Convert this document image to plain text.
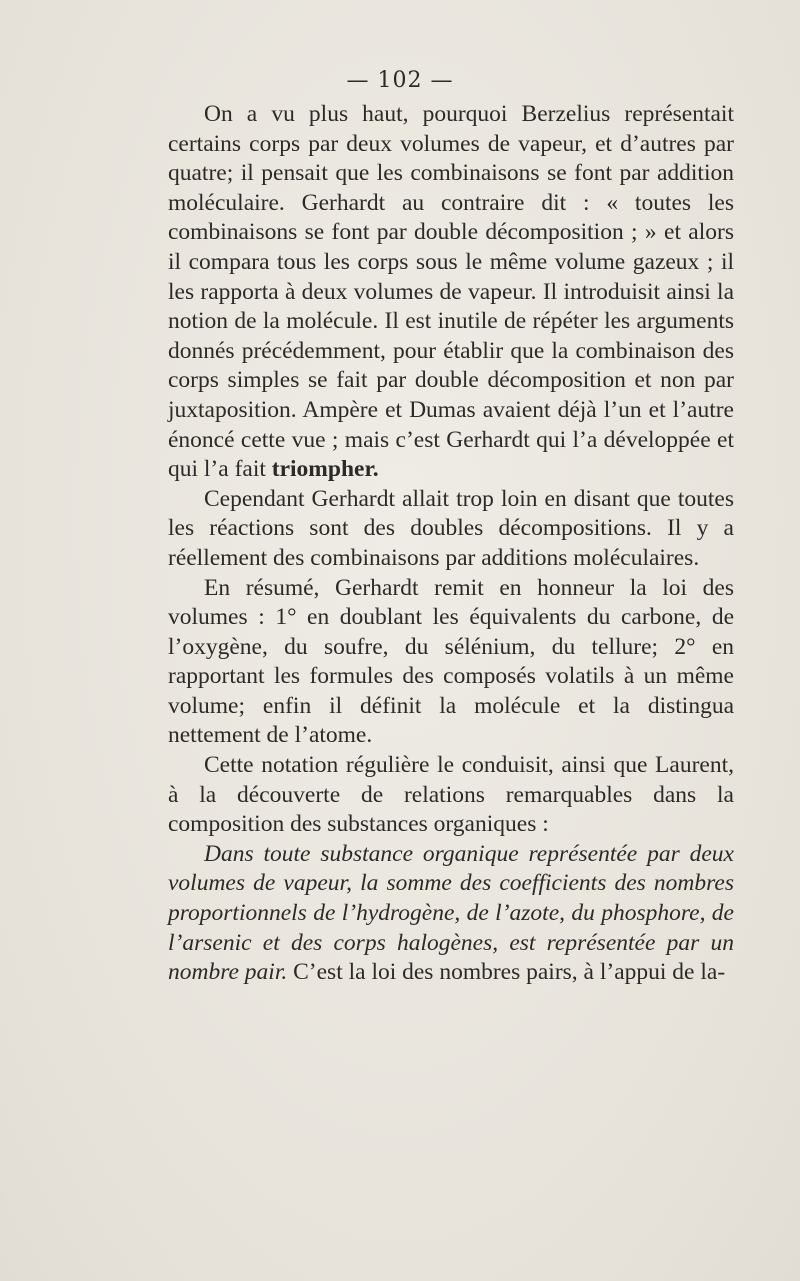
— 102 —

On a vu plus haut, pourquoi Berzelius représentait certains corps par deux volumes de vapeur, et d’autres par quatre; il pensait que les combinaisons se font par addition moléculaire. Gerhardt au contraire dit : « toutes les combinaisons se font par double décomposition ; » et alors il compara tous les corps sous le même volume gazeux ; il les rapporta à deux volumes de vapeur. Il introduisit ainsi la notion de la molécule. Il est inutile de répéter les arguments donnés précédemment, pour établir que la combinaison des corps simples se fait par double décomposition et non par juxtaposition. Ampère et Dumas avaient déjà l’un et l’autre énoncé cette vue ; mais c’est Gerhardt qui l’a développée et qui l’a fait triompher.

Cependant Gerhardt allait trop loin en disant que toutes les réactions sont des doubles décompositions. Il y a réellement des combinaisons par additions moléculaires.

En résumé, Gerhardt remit en honneur la loi des volumes : 1° en doublant les équivalents du carbone, de l’oxygène, du soufre, du sélénium, du tellure; 2° en rapportant les formules des composés volatils à un même volume; enfin il définit la molécule et la distingua nettement de l’atome.

Cette notation régulière le conduisit, ainsi que Laurent, à la découverte de relations remarquables dans la composition des substances organiques :

Dans toute substance organique représentée par deux volumes de vapeur, la somme des coefficients des nombres proportionnels de l’hydrogène, de l’azote, du phosphore, de l’arsenic et des corps halogènes, est représentée par un nombre pair. C’est la loi des nombres pairs, à l’appui de la-
